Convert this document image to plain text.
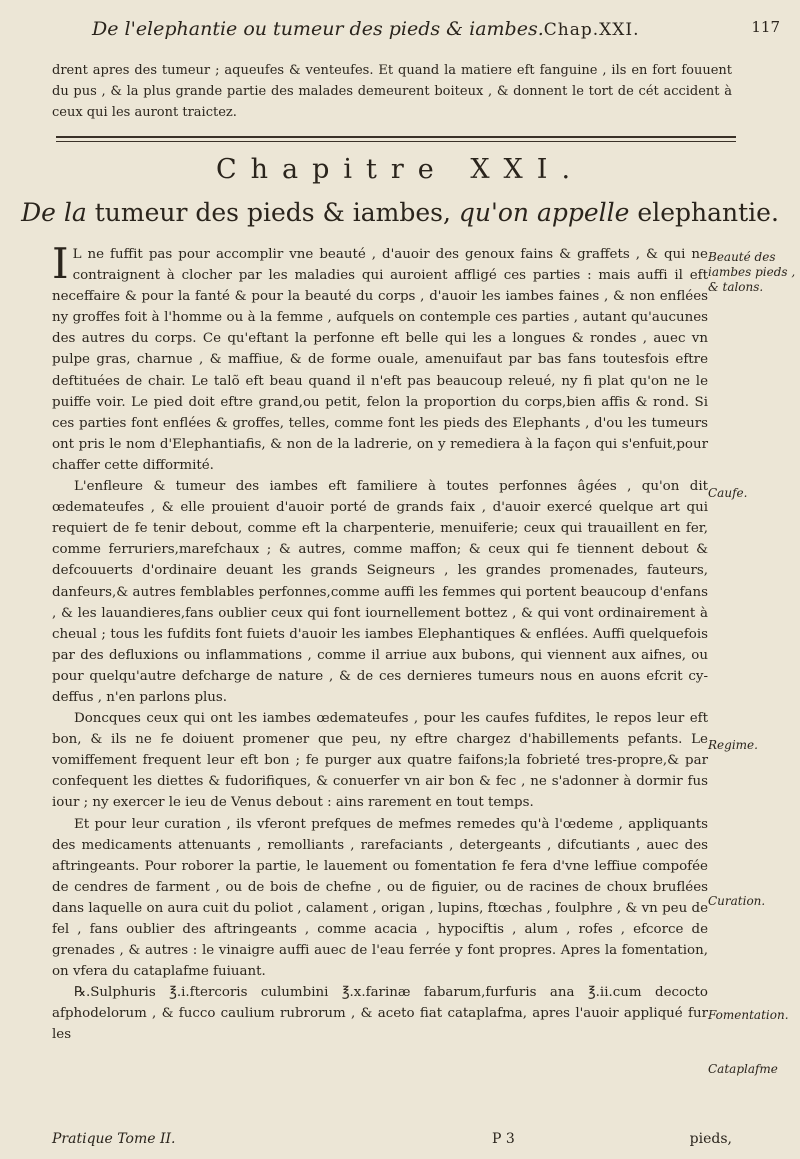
De l'elephantie ou tumeur des pieds & iambes.Chap.XXI.	117
drent apres des tumeur ; aqueufes & venteufes. Et quand la matiere eft fanguine , ils en fort fouuent du pus , & la plus grande partie des malades demeurent boiteux , & donnent le tort de cét accident à ceux qui les auront traictez.
Chapitre XXI.
De la tumeur des pieds & iambes, qu'on appelle elephantie.

I L ne fuffit pas pour accomplir vne beauté , d'auoir des genoux fains & graffets , & qui ne contraignent à clocher par les maladies qui auroient affligé ces parties : mais auffi il eft neceffaire & pour la fanté & pour la beauté du corps , d'auoir les iambes faines , & non enflées ny groffes foit à l'homme ou à la femme , aufquels on contemple ces parties , autant qu'aucunes des autres du corps. Ce qu'eftant la perfonne eft belle qui les a longues & rondes , auec vn pulpe gras, charnue , & maffiue, & de forme ouale, amenuifaut par bas fans toutesfois eftre deftituées de chair. Le talõ eft beau quand il n'eft pas beaucoup releué, ny fi plat qu'on ne le puiffe voir. Le pied doit eftre grand,ou petit, felon la proportion du corps,bien affis & rond. Si ces parties font enflées & groffes, telles, comme font les pieds des Elephants , d'ou les tumeurs ont pris le nom d'Elephantiafis, & non de la ladrerie, on y remediera à la façon qui s'enfuit,pour chaffer cette difformité.

L'enfleure & tumeur des iambes eft familiere à toutes perfonnes âgées , qu'on dit œdemateufes , & elle prouient d'auoir porté de grands faix , d'auoir exercé quelque art qui requiert de fe tenir debout, comme eft la charpenterie, menuiferie; ceux qui trauaillent en fer, comme ferruriers,marefchaux ; & autres, comme maffon; & ceux qui fe tiennent debout & defcouuerts d'ordinaire deuant les grands Seigneurs , les grandes promenades, fauteurs, danfeurs,& autres femblables perfonnes,comme auffi les femmes qui portent beaucoup d'enfans , & les lauandieres,fans oublier ceux qui font iournellement bottez , & qui vont ordinairement à cheual ; tous les fufdits font fuiets d'auoir les iambes Elephantiques & enflées. Auffi quelquefois par des defluxions ou inflammations , comme il arriue aux bubons, qui viennent aux aifnes, ou pour quelqu'autre defcharge de nature , & de ces dernieres tumeurs nous en auons efcrit cy-deffus , n'en parlons plus.

Doncques ceux qui ont les iambes œdemateufes , pour les caufes fufdites, le repos leur eft bon, & ils ne fe doiuent promener que peu, ny eftre chargez d'habillements pefants. Le vomiffement frequent leur eft bon ; fe purger aux quatre faifons;la fobrieté tres-propre,& par confequent les diettes & fudorifiques, & conuerfer vn air bon & fec , ne s'adonner à dormir fus iour ; ny exercer le ieu de Venus debout : ains rarement en tout temps.

Et pour leur curation , ils vferont prefques de mefmes remedes qu'à l'œdeme , appliquants des medicaments attenuants , remolliants , rarefaciants , detergeants , difcutiants , auec des aftringeants. Pour roborer la partie, le lauement ou fomentation fe fera d'vne leffiue compofée de cendres de farment , ou de bois de chefne , ou de figuier, ou de racines de choux bruflées dans laquelle on aura cuit du poliot , calament , origan , lupins, ftœchas , foulphre , & vn peu de fel , fans oublier des aftringeants , comme acacia , hypociftis , alum , rofes , efcorce de grenades , & autres : le vinaigre auffi auec de l'eau ferrée y font propres. Apres la fomentation, on vfera du cataplafme fuiuant.

℞.Sulphuris ℥.i.ftercoris culumbini ℥.x.farinæ fabarum,furfuris ana ℥.ii.cum decocto afphodelorum , & fucco caulium rubrorum , & aceto fiat cataplafma, apres l'auoir appliqué fur les

Beauté des iambes pieds , & talons.
Caufe.
Regime.
Curation.
Fomentation.
Cataplafme
Pratique Tome II.	P 3	pieds,
